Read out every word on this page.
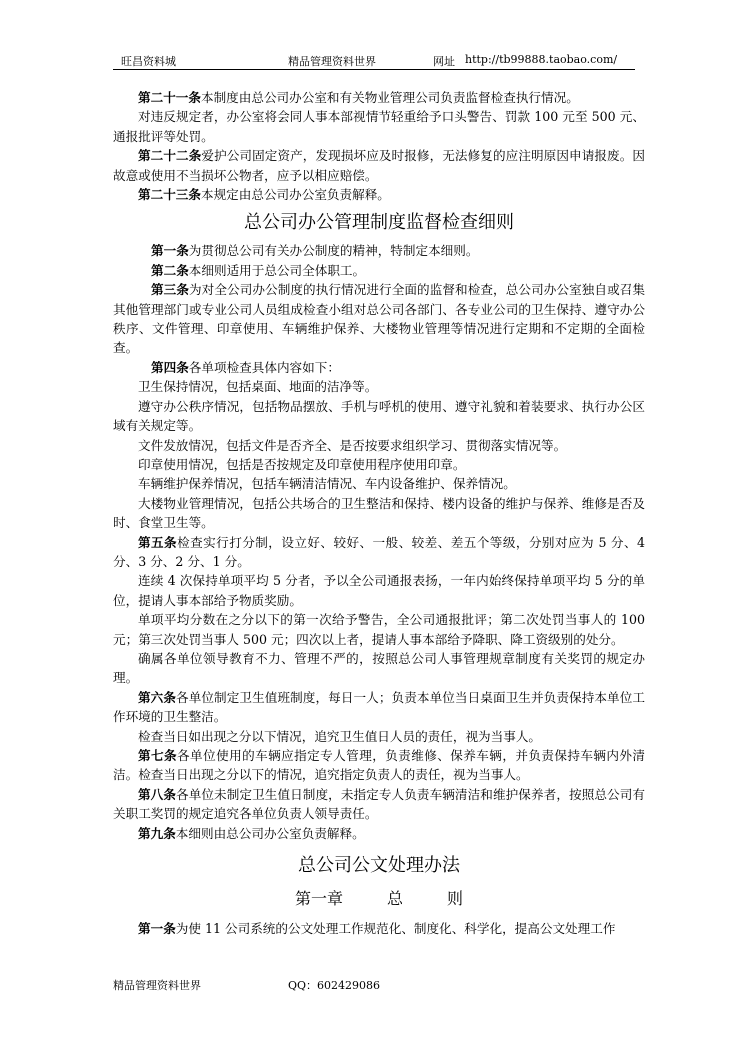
旺昌资料城	精品管理资料世界	网址 http://tb99888.taobao.com/

第二十一条本制度由总公司办公室和有关物业管理公司负责监督检查执行情况。

对违反规定者，办公室将会同人事本部视情节轻重给予口头警告、罚款 100 元至 500 元、通报批评等处罚。

第二十二条爱护公司固定资产，发现损坏应及时报修，无法修复的应注明原因申请报废。因故意或使用不当损坏公物者，应予以相应赔偿。

第二十三条本规定由总公司办公室负责解释。

总公司办公管理制度监督检查细则

第一条为贯彻总公司有关办公制度的精神，特制定本细则。

第二条本细则适用于总公司全体职工。

第三条为对全公司办公制度的执行情况进行全面的监督和检查，总公司办公室独自或召集其他管理部门或专业公司人员组成检查小组对总公司各部门、各专业公司的卫生保持、遵守办公秩序、文件管理、印章使用、车辆维护保养、大楼物业管理等情况进行定期和不定期的全面检查。

第四条各单项检查具体内容如下：

卫生保持情况，包括桌面、地面的洁净等。

遵守办公秩序情况，包括物品摆放、手机与呼机的使用、遵守礼貌和着装要求、执行办公区域有关规定等。

文件发放情况，包括文件是否齐全、是否按要求组织学习、贯彻落实情况等。

印章使用情况，包括是否按规定及印章使用程序使用印章。

车辆维护保养情况，包括车辆清洁情况、车内设备维护、保养情况。

大楼物业管理情况，包括公共场合的卫生整洁和保持、楼内设备的维护与保养、维修是否及时、食堂卫生等。

第五条检查实行打分制，设立好、较好、一般、较差、差五个等级，分别对应为 5 分、4 分、3 分、2 分、1 分。

连续 4 次保持单项平均 5 分者，予以全公司通报表扬，一年内始终保持单项平均 5 分的单位，提请人事本部给予物质奖励。

单项平均分数在之分以下的第一次给予警告，全公司通报批评；第二次处罚当事人的 100 元；第三次处罚当事人 500 元；四次以上者，提请人事本部给予降职、降工资级别的处分。

确属各单位领导教育不力、管理不严的，按照总公司人事管理规章制度有关奖罚的规定办理。

第六条各单位制定卫生值班制度，每日一人；负责本单位当日桌面卫生并负责保持本单位工作环境的卫生整洁。

检查当日如出现之分以下情况，追究卫生值日人员的责任，视为当事人。

第七条各单位使用的车辆应指定专人管理，负责维修、保养车辆，并负责保持车辆内外清洁。检查当日出现之分以下的情况，追究指定负责人的责任，视为当事人。

第八条各单位未制定卫生值日制度，未指定专人负责车辆清洁和维护保养者，按照总公司有关职工奖罚的规定追究各单位负责人领导责任。

第九条本细则由总公司办公室负责解释。

总公司公文处理办法
第一章	总	则

第一条为使 11 公司系统的公文处理工作规范化、制度化、科学化，提高公文处理工作

精品管理资料世界	QQ：602429086
